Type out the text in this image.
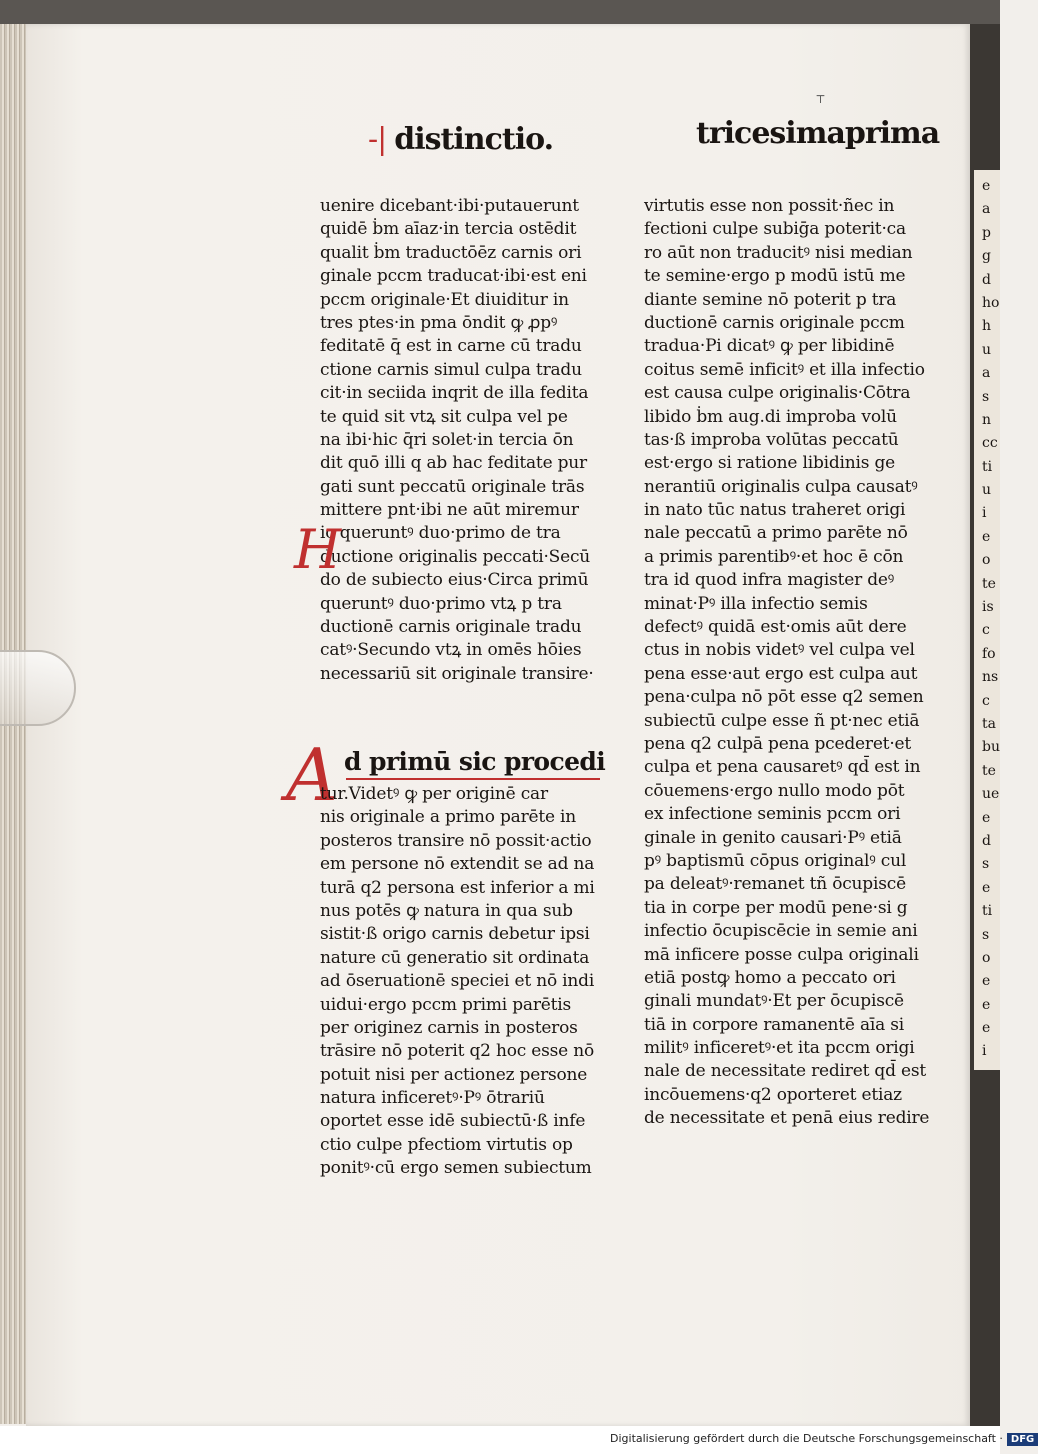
e
a
p
g
d
ho
h
u
a
s
n
cc
ti
u
i
e
o
te
is
c
fo
ns
c
ta
bu
te
ue
e
d
s
e
ti
s
o
e
e
e
i
⸆
-| distinctio.	tricesimaprima
uenire dicebant·ibi·putauerunt
quidē ḃm aīaz·in tercia ostēdit
qualit ḃm traductōēz carnis ori
ginale pccm traducat·ibi·est eni
pccm originale·Et diuiditur in
tres ptes·in pma ōndit ꝙ ꝓpꝰ
feditatē q̄ est in carne cū tradu
ctione carnis simul culpa tradu
cit·in seciida inqrit de illa fedita
te quid sit vtꝝ sit culpa vel pe
na ibi·hic q̄ri solet·in tercia ōn
dit quō illi q ab hac feditate pur
gati sunt peccatū originale trās
mittere pnt·ibi ne aūt miremur
ic queruntꝰ duo·primo de tra
ductione originalis peccati·Secū
do de subiecto eius·Circa primū
queruntꝰ duo·primo vtꝝ p tra
ductionē carnis originale tradu
catꝰ·Secundo vtꝝ in omēs hōies
necessariū sit originale transire·
H
A d primū sic procedi
tur.Videtꝰ ꝙ per originē car
nis originale a primo parēte in
posteros transire nō possit·actio
em persone nō extendit se ad na
turā q2 persona est inferior a mi
nus potēs ꝙ natura in qua sub
sistit·ß origo carnis debetur ipsi
nature cū generatio sit ordinata
ad ōseruationē speciei et nō indi
uidui·ergo pccm primi parētis
per originez carnis in posteros
trāsire nō poterit q2 hoc esse nō
potuit nisi per actionez persone
natura inficeretꝰ·Pꝰ ōtrariū
oportet esse idē subiectū·ß infe
ctio culpe pfectiom virtutis op
ponitꝰ·cū ergo semen subiectum
virtutis esse non possit·ñec in
fectioni culpe subiḡa poterit·ca
ro aūt non traducitꝰ nisi median
te semine·ergo p modū istū me
diante semine nō poterit p tra
ductionē carnis originale pccm
tradua·Pi dicatꝰ ꝙ per libidinē
coitus semē inficitꝰ et illa infectio
est causa culpe originalis·Cōtra
libido ḃm aug.di improba volū
tas·ß improba volūtas peccatū
est·ergo si ratione libidinis ge
nerantiū originalis culpa causatꝰ
in nato tūc natus traheret origi
nale peccatū a primo parēte nō
a primis parentibꝰ·et hoc ē cōn
tra id quod infra magister deꝰ
minat·Pꝰ illa infectio semis
defectꝰ quidā est·omis aūt dere
ctus in nobis videtꝰ vel culpa vel
pena esse·aut ergo est culpa aut
pena·culpa nō pōt esse q2 semen
subiectū culpe esse ñ pt·nec etiā
pena q2 culpā pena pcederet·et
culpa et pena causaretꝰ qd̄ est in
cōuemens·ergo nullo modo pōt
ex infectione seminis pccm ori
ginale in genito causari·Pꝰ etiā
pꝰ baptismū cōpus originalꝰ cul
pa deleatꝰ·remanet tñ ōcupiscē
tia in corpe per modū pene·si g
infectio ōcupiscēcie in semie ani
mā inficere posse culpa originali
etiā postꝙ homo a peccato ori
ginali mundatꝰ·Et per ōcupiscē
tiā in corpore ramanentē aīa si
militꝰ inficeretꝰ·et ita pccm origi
nale de necessitate rediret qd̄ est
incōuemens·q2 oporteret etiaz
de necessitate et penā eius redire
Digitalisierung gefördert durch die Deutsche Forschungsgemeinschaft · DFG
